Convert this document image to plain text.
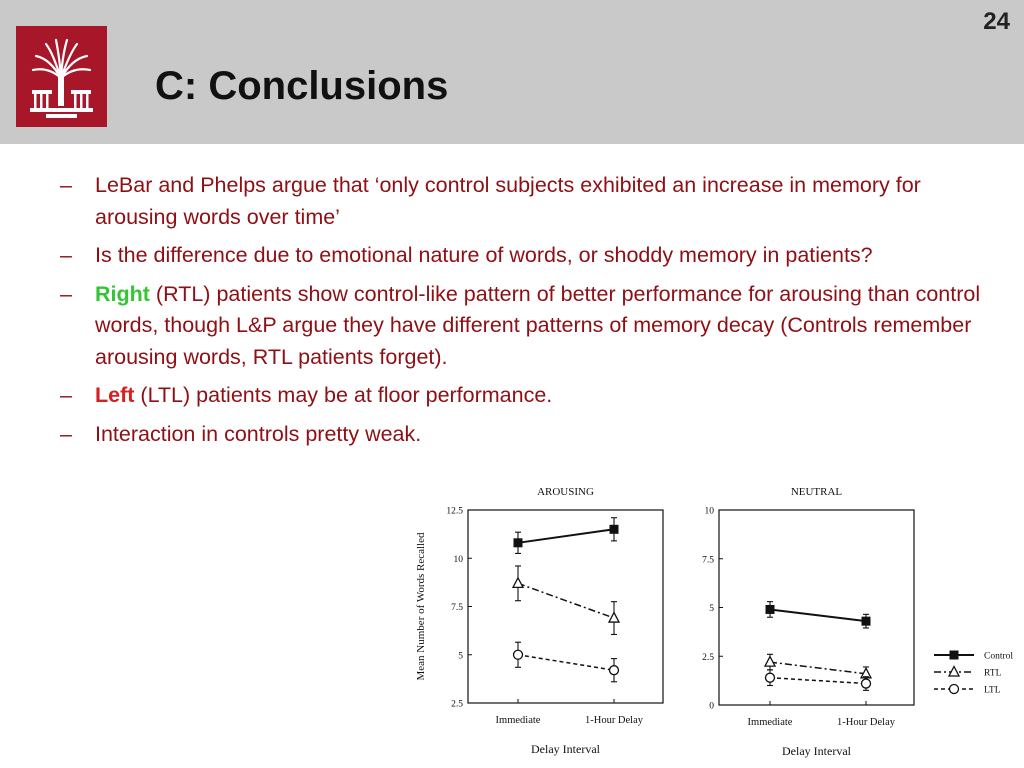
C: Conclusions
24
– LeBar and Phelps argue that ‘only control subjects exhibited an increase in memory for arousing words over time’
– Is the difference due to emotional nature of words, or shoddy memory in patients?
– Right (RTL) patients show control-like pattern of better performance for arousing than control words, though L&P argue they have different patterns of memory decay (Controls remember arousing words, RTL patients forget).
– Left (LTL) patients may be at floor performance.
– Interaction in controls pretty weak.
AROUSING
2.5
5
7.5
10
12.5
Immediate	1-Hour Delay
Delay Interval
Mean Number of Words Recalled
NEUTRAL
0
2.5
5
7.5
10
Immediate	1-Hour Delay
Delay Interval
Control
RTL
LTL
